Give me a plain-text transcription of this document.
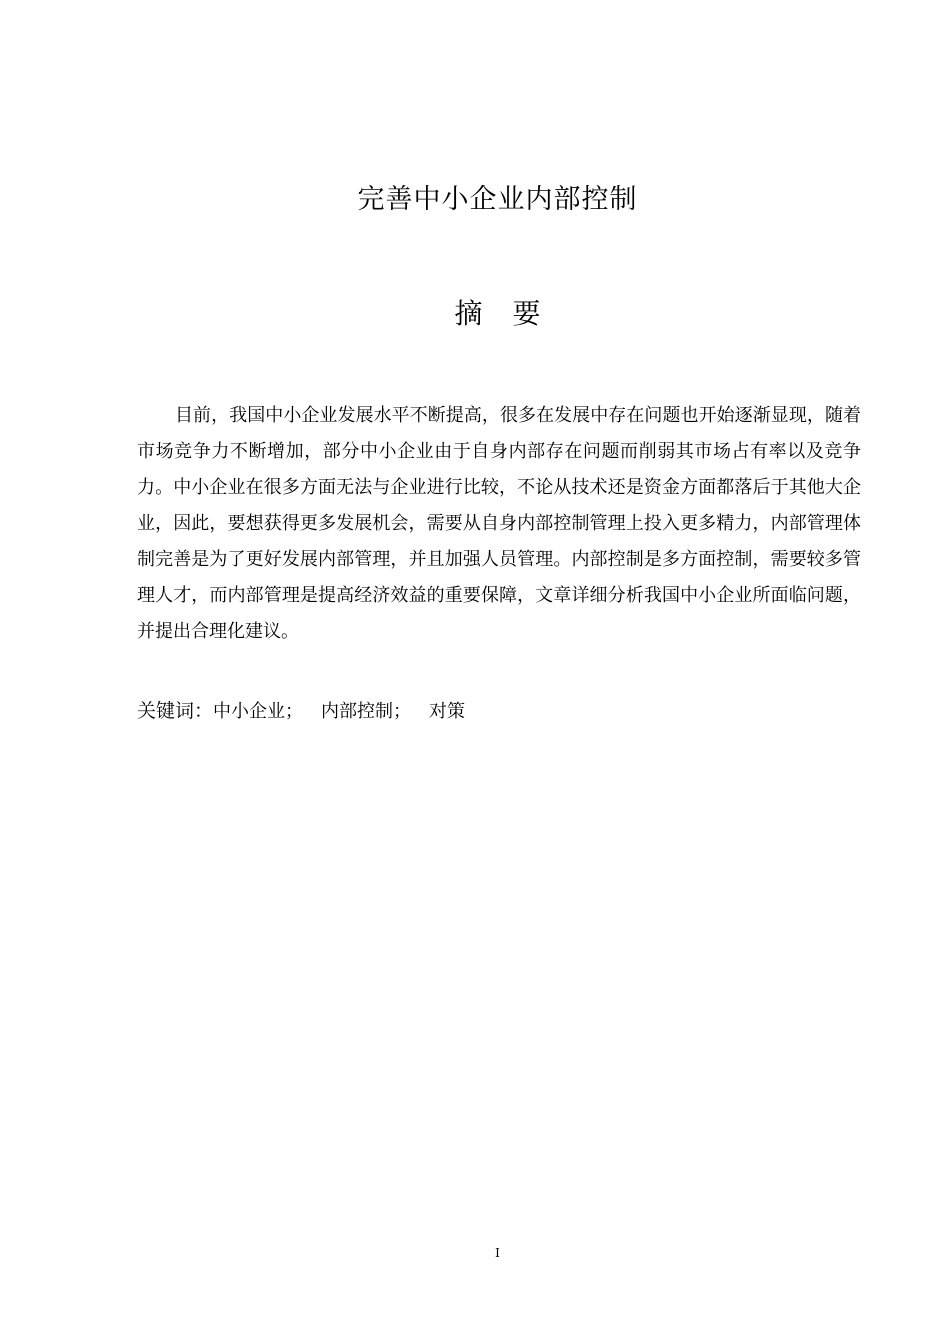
完善中小企业内部控制
摘 要

目前，我国中小企业发展水平不断提高，很多在发展中存在问题也开始逐渐显现，随着市场竞争力不断增加，部分中小企业由于自身内部存在问题而削弱其市场占有率以及竞争力。中小企业在很多方面无法与企业进行比较，不论从技术还是资金方面都落后于其他大企业，因此，要想获得更多发展机会，需要从自身内部控制管理上投入更多精力，内部管理体制完善是为了更好发展内部管理，并且加强人员管理。内部控制是多方面控制，需要较多管理人才，而内部管理是提高经济效益的重要保障，文章详细分析我国中小企业所面临问题，并提出合理化建议。

关键词：中小企业； 内部控制； 对策
I
